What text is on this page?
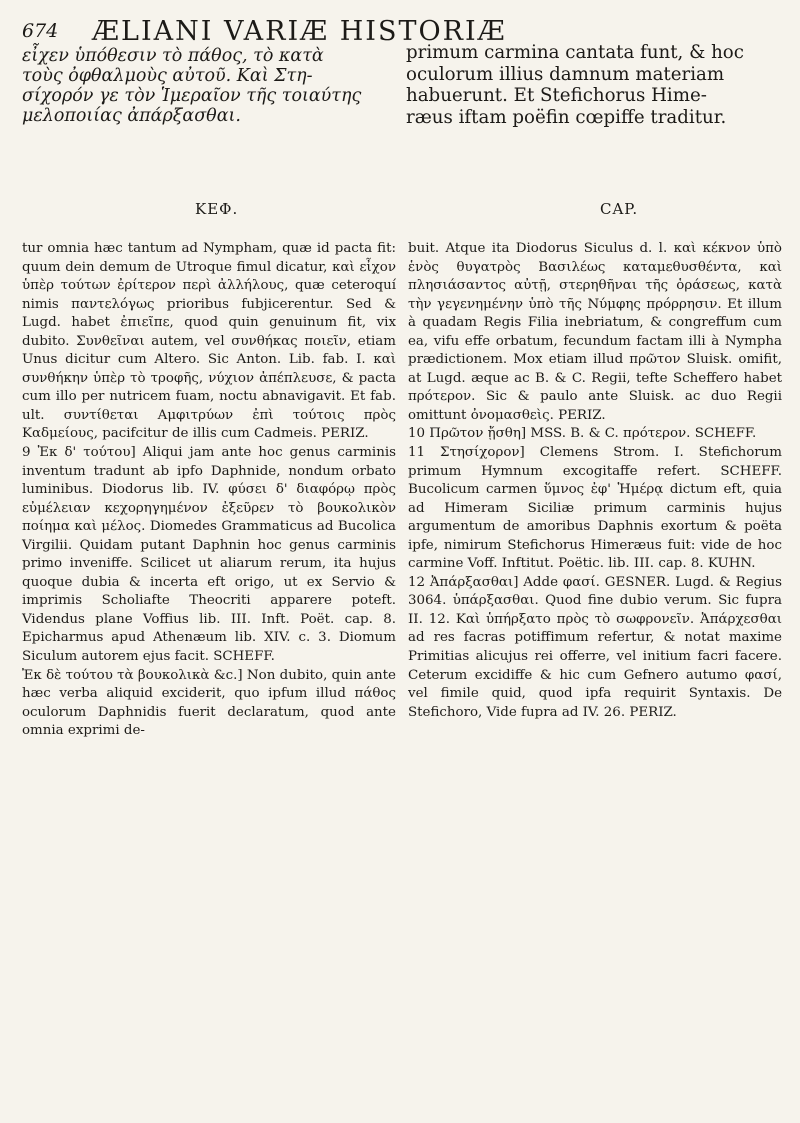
674 ÆLIANI VARIÆ HISTORIÆ
εἶχεν ὑπόθεσιν τὸ πάθος, τὸ κατὰ
τοὺς ὀφθαλμοὺς αὐτοῦ. Καὶ Στη-
σίχορόν γε τὸν Ἱμεραῖον τῆς τοιαύτης
μελοποιίας ἀπάρξασθαι.
primum carmina cantata funt, & hoc
oculorum illius damnum materiam
habuerunt. Et Stefichorus Hime-
ræus iftam poëfin cœpiffe traditur.
ΚΕΦ.	CAP.

tur omnia hæc tantum ad Nympham, quæ id pacta fit: quum dein demum de Utroque fimul dicatur, καὶ εἶχον ὑπὲρ τούτων ἐρίτερον περὶ ἀλλήλους, quæ ceteroquí nimis παντελόγως prioribus fubjicerentur. Sed & Lugd. habet ἐπιεῖπε, quod quin genuinum fit, vix dubito. Συνθεῖναι autem, vel συνθήκας ποιεῖν, etiam Unus dicitur cum Altero. Sic Anton. Lib. fab. I. καὶ συνθήκην ὑπὲρ τὸ τροφῆς, νύχιον ἀπέπλευσε, & pacta cum illo per nutricem fuam, noctu abnavigavit. Et fab. ult. συντίθεται Αμφιτρύων ἐπὶ τούτοις πρὸς Καδμείους, pacifcitur de illis cum Cadmeis. PERIZ.

9 Ἐκ δ' τούτου] Aliqui jam ante hoc genus carminis inventum tradunt ab ipfo Daphnide, nondum orbato luminibus. Diodorus lib. IV. φύσει δ' διαφόρῳ πρὸς εὐμέλειαν κεχορηγημένον ἐξεῦρεν τὸ βουκολικὸν ποίημα καὶ μέλος. Diomedes Grammaticus ad Bucolica Virgilii. Quidam putant Daphnin hoc genus carminis primo inveniffe. Scilicet ut aliarum rerum, ita hujus quoque dubia & incerta eft origo, ut ex Servio & imprimis Scholiafte Theocriti apparere poteft. Videndus plane Voffius lib. III. Inft. Poët. cap. 8. Epicharmus apud Athenæum lib. XIV. c. 3. Diomum Siculum autorem ejus facit. SCHEFF.

Ἐκ δὲ τούτου τὰ βουκολικὰ &c.] Non dubito, quin ante hæc verba aliquid exciderit, quo ipfum illud πάθος oculorum Daphnidis fuerit declaratum, quod ante omnia exprimi de-

buit. Atque ita Diodorus Siculus d. l. καὶ κέκνον ὑπὸ ἑνὸς θυγατρὸς Βασιλέως καταμεθυσθέντα, καὶ πλησιάσαντος αὐτῇ, στερηθῆναι τῆς ὁράσεως, κατὰ τὴν γεγενημένην ὑπὸ τῆς Νύμφης πρόρρησιν. Et illum à quadam Regis Filia inebriatum, & congreffum cum ea, vifu effe orbatum, fecundum factam illi à Nympha prædictionem. Mox etiam illud πρῶτον Sluisk. omifit, at Lugd. æque ac B. & C. Regii, tefte Scheffero habet πρότερον. Sic & paulo ante Sluisk. ac duo Regii omittunt ὀνομασθεὶς. PERIZ.

10 Πρῶτον ᾔσθη] MSS. B. & C. πρότερον. SCHEFF.

11 Στησίχορον] Clemens Strom. I. Stefichorum primum Hymnum excogitaffe refert. SCHEFF. Bucolicum carmen ὕμνος ἐφ' Ἡμέρᾳ dictum eft, quia ad Himeram Siciliæ primum carminis hujus argumentum de amoribus Daphnis exortum & poëta ipfe, nimirum Stefichorus Himeræus fuit: vide de hoc carmine Voff. Inftitut. Poëtic. lib. III. cap. 8. KUHN.

12 Ἀπάρξασθαι] Adde φασί. GESNER. Lugd. & Regius 3064. ὑπάρξασθαι. Quod fine dubio verum. Sic fupra II. 12. Καὶ ὑπήρξατο πρὸς τὸ σωφρονεῖν. Ἀπάρχεσθαι ad res facras potiffimum refertur, & notat maxime Primitias alicujus rei offerre, vel initium facri facere. Ceterum excidiffe & hic cum Gefnero autumo φασί, vel fimile quid, quod ipfa requirit Syntaxis. De Stefichoro, Vide fupra ad IV. 26. PERIZ.
